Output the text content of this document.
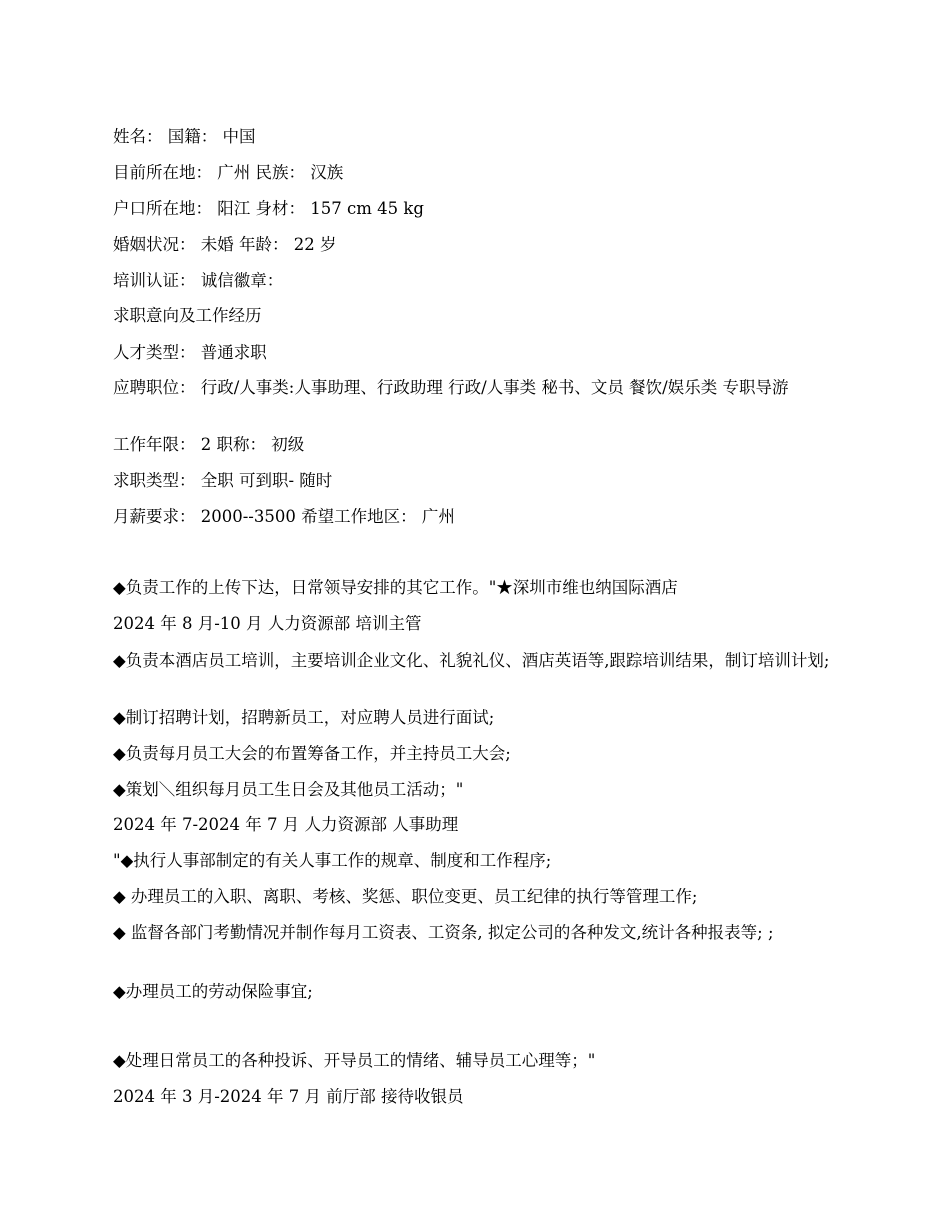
姓名： 国籍： 中国
目前所在地： 广州 民族： 汉族
户口所在地： 阳江 身材： 157 cm 45 kg
婚姻状况： 未婚 年龄： 22 岁
培训认证： 诚信徽章：
求职意向及工作经历
人才类型： 普通求职
应聘职位： 行政/人事类:人事助理、行政助理 行政/人事类 秘书、文员 餐饮/娱乐类 专职导游
工作年限： 2 职称： 初级
求职类型： 全职 可到职- 随时
月薪要求： 2000--3500 希望工作地区： 广州
◆负责工作的上传下达，日常领导安排的其它工作。"★深圳市维也纳国际酒店
2024 年 8 月-10 月 人力资源部 培训主管
◆负责本酒店员工培训，主要培训企业文化、礼貌礼仪、酒店英语等,跟踪培训结果，制订培训计划;
◆制订招聘计划，招聘新员工，对应聘人员进行面试;
◆负责每月员工大会的布置筹备工作，并主持员工大会;
◆策划＼组织每月员工生日会及其他员工活动；"
2024 年 7-2024 年 7 月 人力资源部 人事助理
"◆执行人事部制定的有关人事工作的规章、制度和工作程序;
◆ 办理员工的入职、离职、考核、奖惩、职位变更、员工纪律的执行等管理工作;
◆ 监督各部门考勤情况并制作每月工资表、工资条, 拟定公司的各种发文,统计各种报表等; ;
◆办理员工的劳动保险事宜;
◆处理日常员工的各种投诉、开导员工的情绪、辅导员工心理等；"
2024 年 3 月-2024 年 7 月 前厅部 接待收银员
